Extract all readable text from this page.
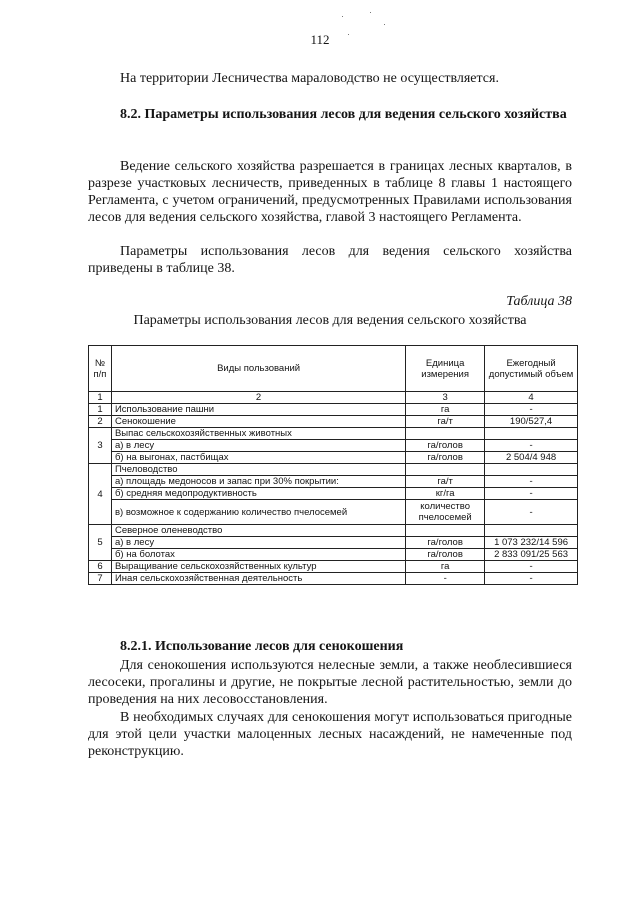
112

На территории Лесничества мараловодство не осуществляется.

8.2. Параметры использования лесов для ведения сельского хозяйства

Ведение сельского хозяйства разрешается в границах лесных кварталов, в разрезе участковых лесничеств, приведенных в таблице 8 главы 1 настоящего Регламента, с учетом ограничений, предусмотренных Правилами использования лесов для ведения сельского хозяйства, главой 3 настоящего Регламента.

Параметры использования лесов для ведения сельского хозяйства приведены в таблице 38.

Таблица 38
Параметры использования лесов для ведения сельского хозяйства
№ п/п	Виды пользований	Единица измерения	Ежегодный допустимый объем
1	2	3	4
1	Использование пашни	га	-
2	Сенокошение	га/т	190/527,4
3	Выпас сельскохозяйственных животных		
	а) в лесу	га/голов	-
	б) на выгонах, пастбищах	га/голов	2 504/4 948
4	Пчеловодство		
	а) площадь медоносов и запас при 30% покрытии:	га/т	-
	б) средняя медопродуктивность	кг/га	-
	в) возможное к содержанию количество пчелосемей	количество пчелосемей	-
5	Северное оленеводство		
	а) в лесу	га/голов	1 073 232/14 596
	б) на болотах	га/голов	2 833 091/25 563
6	Выращивание сельскохозяйственных культур	га	-
7	Иная сельскохозяйственная деятельность	-	-

8.2.1. Использование лесов для сенокошения

Для сенокошения используются нелесные земли, а также необлесившиеся лесосеки, прогалины и другие, не покрытые лесной растительностью, земли до проведения на них лесовосстановления.

В необходимых случаях для сенокошения могут использоваться пригодные для этой цели участки малоценных лесных насаждений, не намеченные под реконструкцию.
